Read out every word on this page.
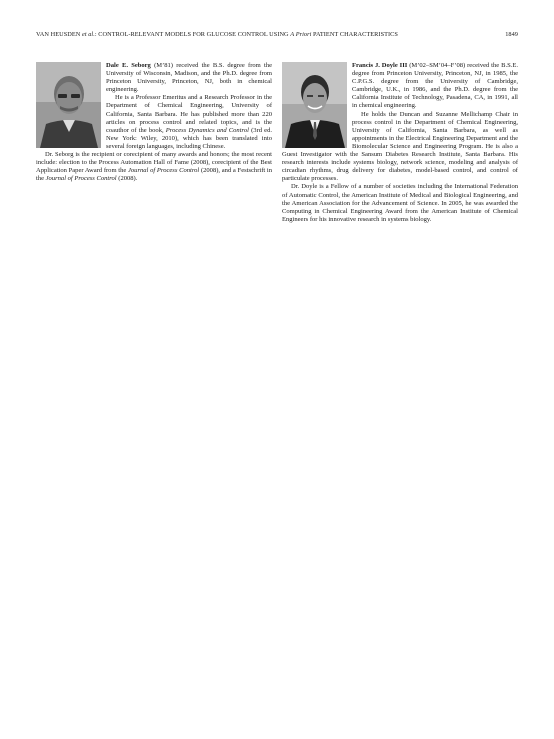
VAN HEUSDEN et al.: CONTROL-RELEVANT MODELS FOR GLUCOSE CONTROL USING A Priori PATIENT CHARACTERISTICS	1849

Dale E. Seborg (M’81) received the B.S. degree from the University of Wisconsin, Madison, and the Ph.D. degree from Princeton University, Princeton, NJ, both in chemical engineering.

He is a Professor Emeritus and a Research Professor in the Department of Chemical Engineering, University of California, Santa Barbara. He has published more than 220 articles on process control and related topics, and is the coauthor of the book, Process Dynamics and Control (3rd ed. New York: Wiley, 2010), which has been translated into several foreign languages, including Chinese.

Dr. Seborg is the recipient or corecipient of many awards and honors; the most recent include: election to the Process Automation Hall of Fame (2008), corecipient of the Best Application Paper Award from the Journal of Process Control (2008), and a Festschrift in the Journal of Process Control (2008).

Francis J. Doyle III (M’02–SM’04–F’08) received the B.S.E. degree from Princeton University, Princeton, NJ, in 1985, the C.P.G.S. degree from the University of Cambridge, Cambridge, U.K., in 1986, and the Ph.D. degree from the California Institute of Technology, Pasadena, CA, in 1991, all in chemical engineering.

He holds the Duncan and Suzanne Mellichamp Chair in process control in the Department of Chemical Engineering, University of California, Santa Barbara, as well as appointments in the Electrical Engineering Department and the Biomolecular Science and Engineering Program. He is also a Guest Investigator with the Sansum Diabetes Research Institute, Santa Barbara. His research interests include systems biology, network science, modeling and analysis of circadian rhythms, drug delivery for diabetes, model-based control, and control of particulate processes.

Dr. Doyle is a Fellow of a number of societies including the International Federation of Automatic Control, the American Institute of Medical and Biological Engineering, and the American Association for the Advancement of Science. In 2005, he was awarded the Computing in Chemical Engineering Award from the American Institute of Chemical Engineers for his innovative research in systems biology.
